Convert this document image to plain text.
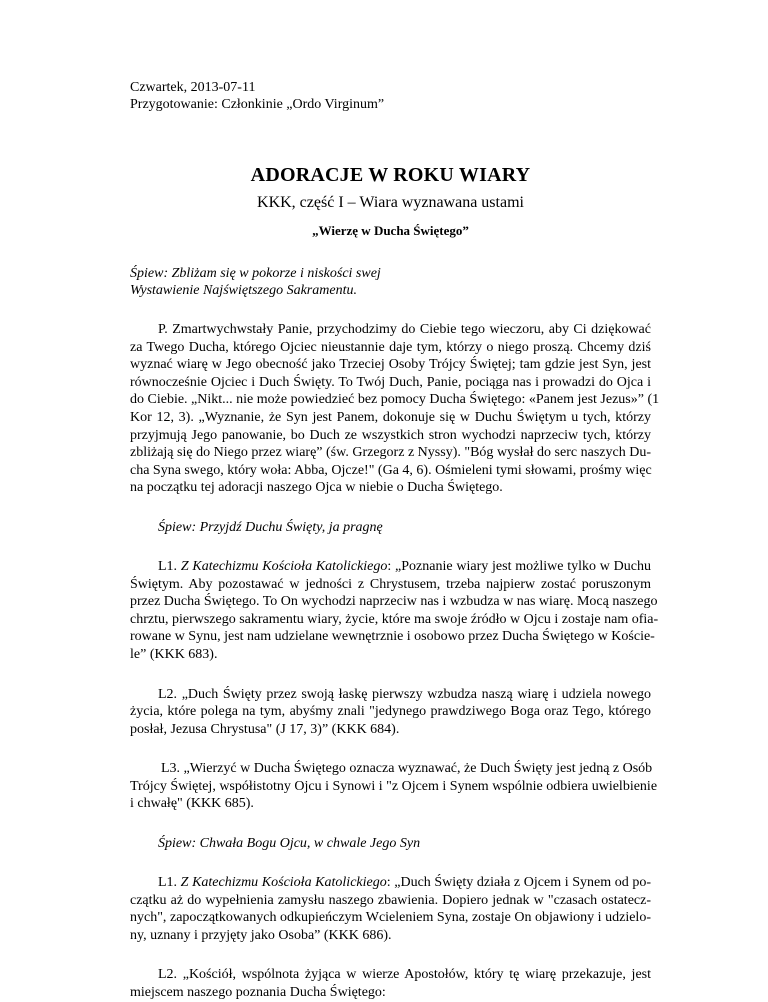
Czwartek, 2013-07-11
Przygotowanie: Członkinie „Ordo Virginum”
ADORACJE W ROKU WIARY
KKK, część I – Wiara wyznawana ustami
„Wierzę w Ducha Świętego”
Śpiew: Zbliżam się w pokorze i niskości swej
Wystawienie Najświętszego Sakramentu.
P. Zmartwychwstały Panie, przychodzimy do Ciebie tego wieczoru, aby Ci dziękować
za Twego Ducha, którego Ojciec nieustannie daje tym, którzy o niego proszą. Chcemy dziś
wyznać wiarę w Jego obecność jako Trzeciej Osoby Trójcy Świętej; tam gdzie jest Syn, jest
równocześnie Ojciec i Duch Święty. To Twój Duch, Panie, pociąga nas i prowadzi do Ojca i
do Ciebie. „Nikt... nie może powiedzieć bez pomocy Ducha Świętego: «Panem jest Jezus»” (1
Kor 12, 3). „Wyznanie, że Syn jest Panem, dokonuje się w Duchu Świętym u tych, którzy
przyjmują Jego panowanie, bo Duch ze wszystkich stron wychodzi naprzeciw tych, którzy
zbliżają się do Niego przez wiarę” (św. Grzegorz z Nyssy). "Bóg wysłał do serc naszych Du-
cha Syna swego, który woła: Abba, Ojcze!" (Ga 4, 6). Ośmieleni tymi słowami, prośmy więc
na początku tej adoracji naszego Ojca w niebie o Ducha Świętego.
Śpiew: Przyjdź Duchu Święty, ja pragnę
L1. Z Katechizmu Kościoła Katolickiego: „Poznanie wiary jest możliwe tylko w Duchu
Świętym. Aby pozostawać w jedności z Chrystusem, trzeba najpierw zostać poruszonym
przez Ducha Świętego. To On wychodzi naprzeciw nas i wzbudza w nas wiarę. Mocą naszego
chrztu, pierwszego sakramentu wiary, życie, które ma swoje źródło w Ojcu i zostaje nam ofia-
rowane w Synu, jest nam udzielane wewnętrznie i osobowo przez Ducha Świętego w Koście-
le” (KKK 683).
L2. „Duch Święty przez swoją łaskę pierwszy wzbudza naszą wiarę i udziela nowego
życia, które polega na tym, abyśmy znali "jedynego prawdziwego Boga oraz Tego, którego
posłał, Jezusa Chrystusa" (J 17, 3)” (KKK 684).
L3. „Wierzyć w Ducha Świętego oznacza wyznawać, że Duch Święty jest jedną z Osób
Trójcy Świętej, współistotny Ojcu i Synowi i "z Ojcem i Synem wspólnie odbiera uwielbienie
i chwałę" (KKK 685).
Śpiew: Chwała Bogu Ojcu, w chwale Jego Syn
L1. Z Katechizmu Kościoła Katolickiego: „Duch Święty działa z Ojcem i Synem od po-
czątku aż do wypełnienia zamysłu naszego zbawienia. Dopiero jednak w "czasach ostatecz-
nych", zapoczątkowanych odkupieńczym Wcieleniem Syna, zostaje On objawiony i udzielo-
ny, uznany i przyjęty jako Osoba” (KKK 686).
L2. „Kościół, wspólnota żyjąca w wierze Apostołów, który tę wiarę przekazuje, jest
miejscem naszego poznania Ducha Świętego:
